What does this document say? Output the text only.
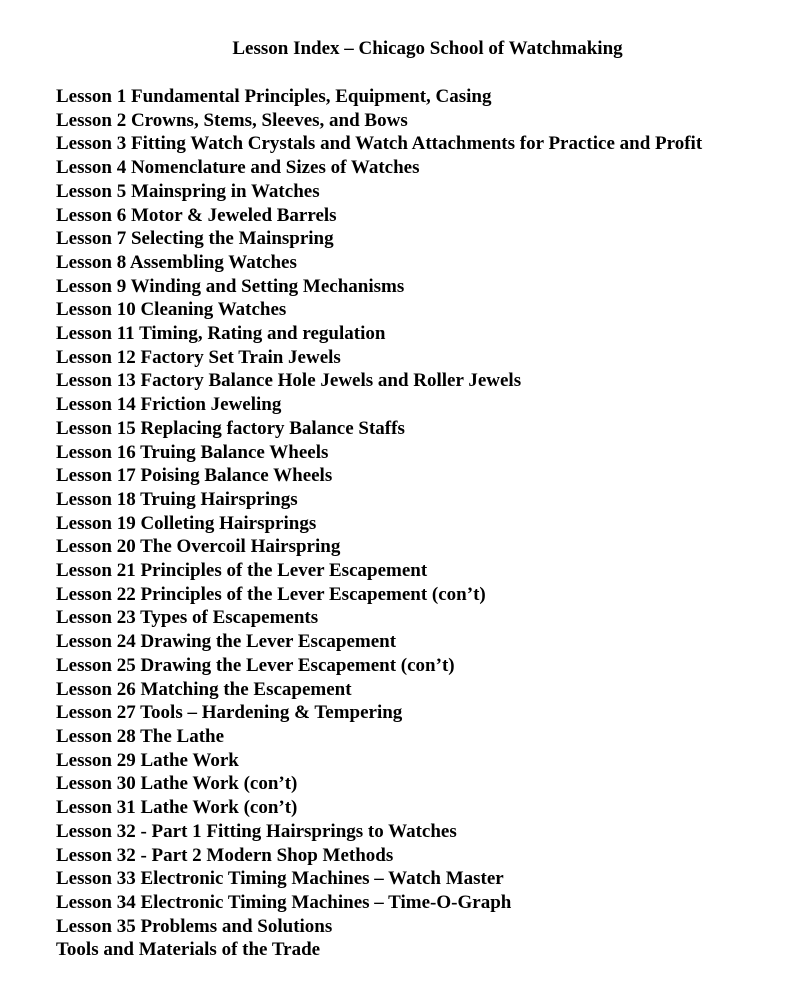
Lesson Index – Chicago School of Watchmaking
Lesson 1 Fundamental Principles, Equipment, Casing
Lesson 2 Crowns, Stems, Sleeves, and Bows
Lesson 3 Fitting Watch Crystals and Watch Attachments for Practice and Profit
Lesson 4 Nomenclature and Sizes of Watches
Lesson 5 Mainspring in Watches
Lesson 6 Motor & Jeweled Barrels
Lesson 7 Selecting the Mainspring
Lesson 8 Assembling Watches
Lesson 9 Winding and Setting Mechanisms
Lesson 10 Cleaning Watches
Lesson 11 Timing, Rating and regulation
Lesson 12 Factory Set Train Jewels
Lesson 13 Factory Balance Hole Jewels and Roller Jewels
Lesson 14 Friction Jeweling
Lesson 15 Replacing factory Balance Staffs
Lesson 16 Truing Balance Wheels
Lesson 17 Poising Balance Wheels
Lesson 18 Truing Hairsprings
Lesson 19 Colleting Hairsprings
Lesson 20 The Overcoil Hairspring
Lesson 21 Principles of the Lever Escapement
Lesson 22 Principles of the Lever Escapement (con’t)
Lesson 23 Types of Escapements
Lesson 24 Drawing the Lever Escapement
Lesson 25 Drawing the Lever Escapement (con’t)
Lesson 26 Matching the Escapement
Lesson 27 Tools – Hardening & Tempering
Lesson 28 The Lathe
Lesson 29 Lathe Work
Lesson 30 Lathe Work (con’t)
Lesson 31 Lathe Work (con’t)
Lesson 32 - Part 1 Fitting Hairsprings to Watches
Lesson 32 - Part 2 Modern Shop Methods
Lesson 33 Electronic Timing Machines – Watch Master
Lesson 34 Electronic Timing Machines – Time-O-Graph
Lesson 35 Problems and Solutions
Tools and Materials of the Trade
